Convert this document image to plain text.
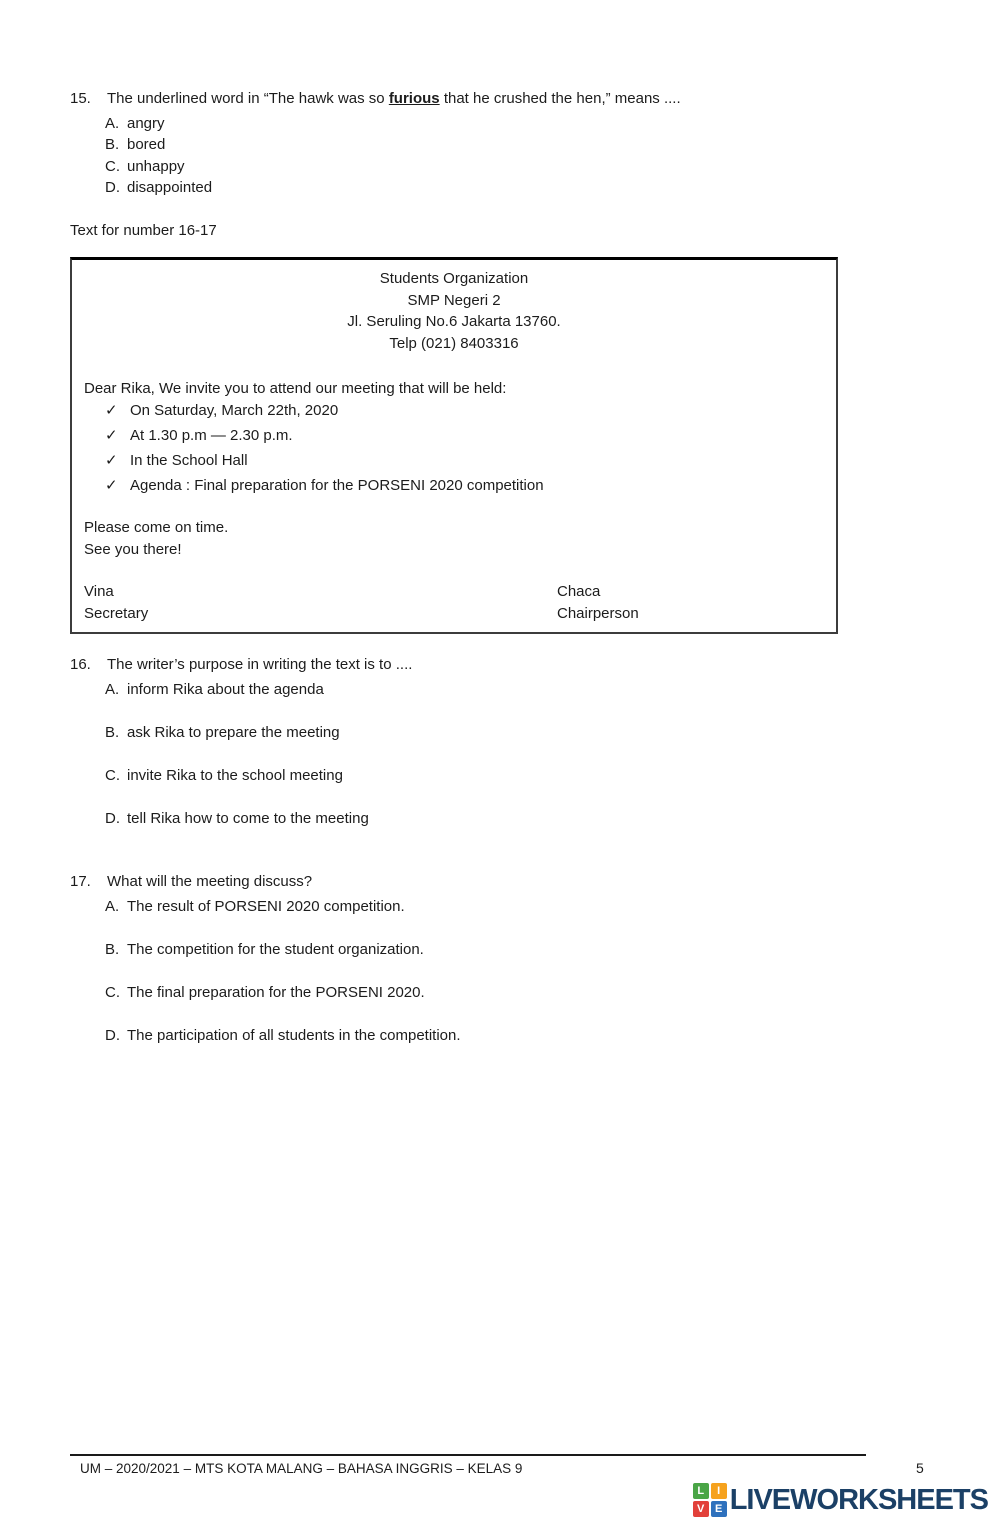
15.	The underlined word in “The hawk was so furious that he crushed the hen,” means ....
A. angry
B. bored
C. unhappy
D. disappointed
Text for number 16-17
Students Organization
SMP Negeri 2
Jl. Seruling No.6 Jakarta 13760.
Telp (021) 8403316
Dear Rika, We invite you to attend our meeting that will be held:
✓ On Saturday, March 22th, 2020
✓ At 1.30 p.m — 2.30 p.m.
✓ In the School Hall
✓ Agenda : Final preparation for the PORSENI 2020 competition
Please come on time.
See you there!
Vina
Secretary
Chaca
Chairperson
16.	The writer’s purpose in writing the text is to ....
A. inform Rika about the agenda
B. ask Rika to prepare the meeting
C. invite Rika to the school meeting
D. tell Rika how to come to the meeting
17.	What will the meeting discuss?
A. The result of PORSENI 2020 competition.
B. The competition for the student organization.
C. The final preparation for the PORSENI 2020.
D. The participation of all students in the competition.
UM – 2020/2021 – MTS KOTA MALANG – BAHASA INGGRIS – KELAS 9	5
L	I
V E LIVEWORKSHEETS
